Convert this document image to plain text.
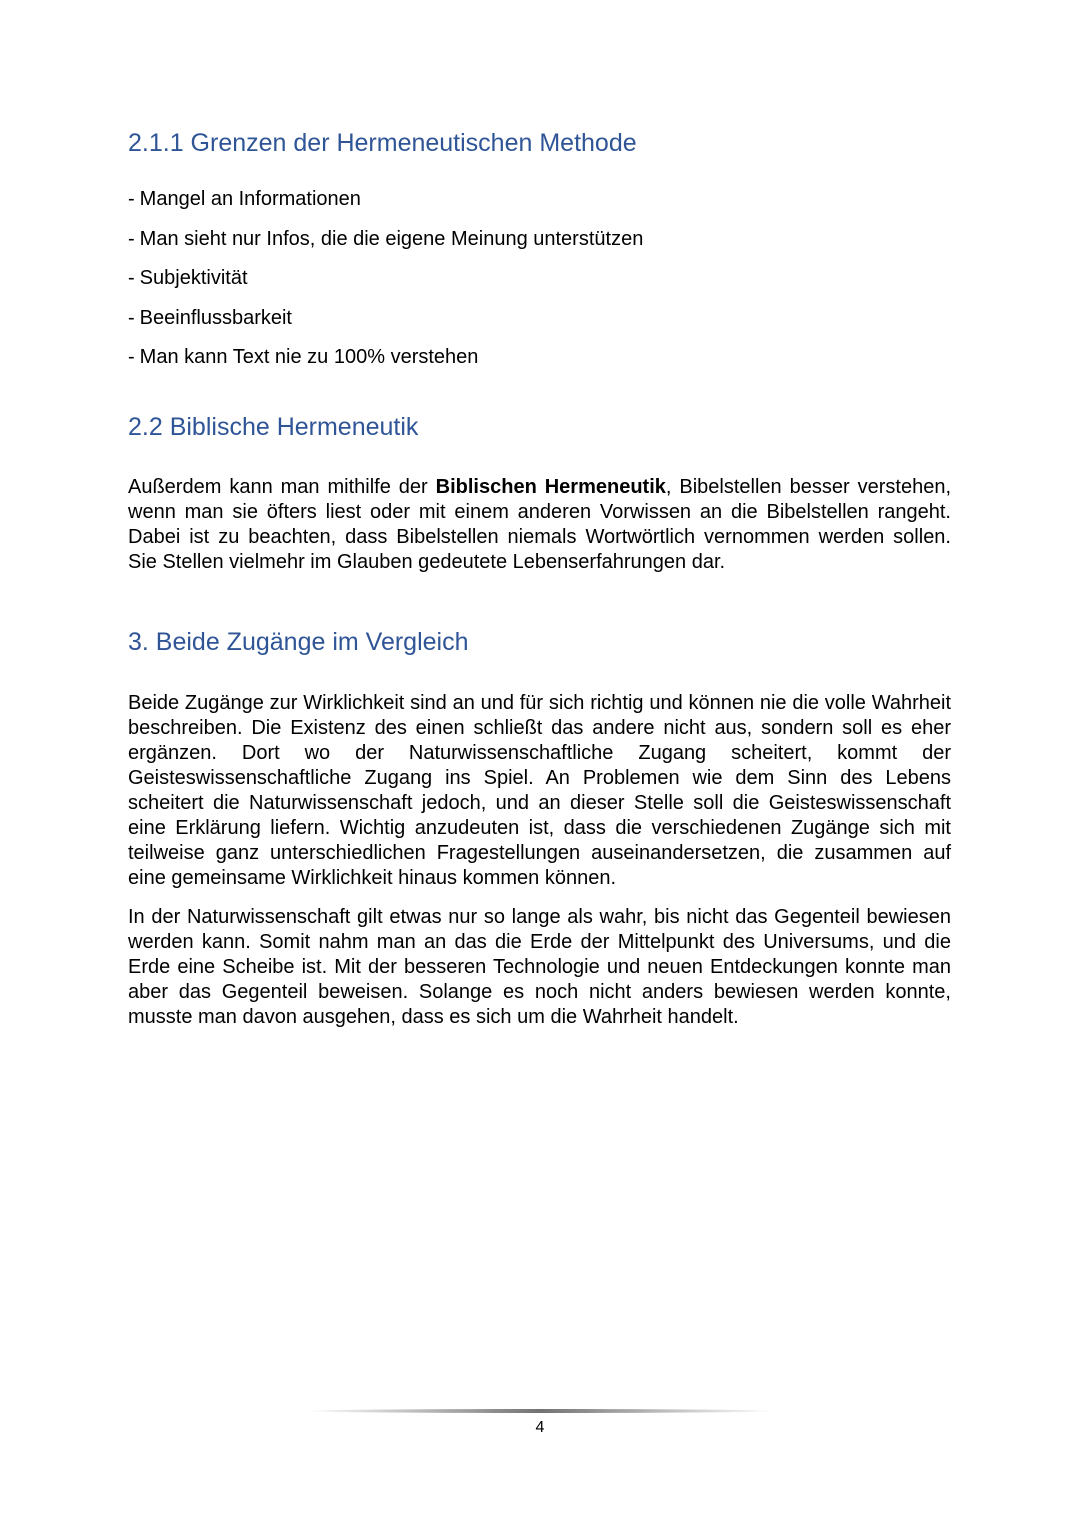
2.1.1 Grenzen der Hermeneutischen Methode
- Mangel an Informationen
- Man sieht nur Infos, die die eigene Meinung unterstützen
- Subjektivität
- Beeinflussbarkeit
- Man kann Text nie zu 100% verstehen
2.2 Biblische Hermeneutik

Außerdem kann man mithilfe der Biblischen Hermeneutik, Bibelstellen besser verstehen, wenn man sie öfters liest oder mit einem anderen Vorwissen an die Bibelstellen rangeht. Dabei ist zu beachten, dass Bibelstellen niemals Wortwörtlich vernommen werden sollen. Sie Stellen vielmehr im Glauben gedeutete Lebenserfahrungen dar.

3. Beide Zugänge im Vergleich

Beide Zugänge zur Wirklichkeit sind an und für sich richtig und können nie die volle Wahrheit beschreiben. Die Existenz des einen schließt das andere nicht aus, sondern soll es eher ergänzen. Dort wo der Naturwissenschaftliche Zugang scheitert, kommt der Geisteswissenschaftliche Zugang ins Spiel. An Problemen wie dem Sinn des Lebens scheitert die Naturwissenschaft jedoch, und an dieser Stelle soll die Geisteswissenschaft eine Erklärung liefern. Wichtig anzudeuten ist, dass die verschiedenen Zugänge sich mit teilweise ganz unterschiedlichen Fragestellungen auseinandersetzen, die zusammen auf eine gemeinsame Wirklichkeit hinaus kommen können.

In der Naturwissenschaft gilt etwas nur so lange als wahr, bis nicht das Gegenteil bewiesen werden kann. Somit nahm man an das die Erde der Mittelpunkt des Universums, und die Erde eine Scheibe ist. Mit der besseren Technologie und neuen Entdeckungen konnte man aber das Gegenteil beweisen. Solange es noch nicht anders bewiesen werden konnte, musste man davon ausgehen, dass es sich um die Wahrheit handelt.

4
